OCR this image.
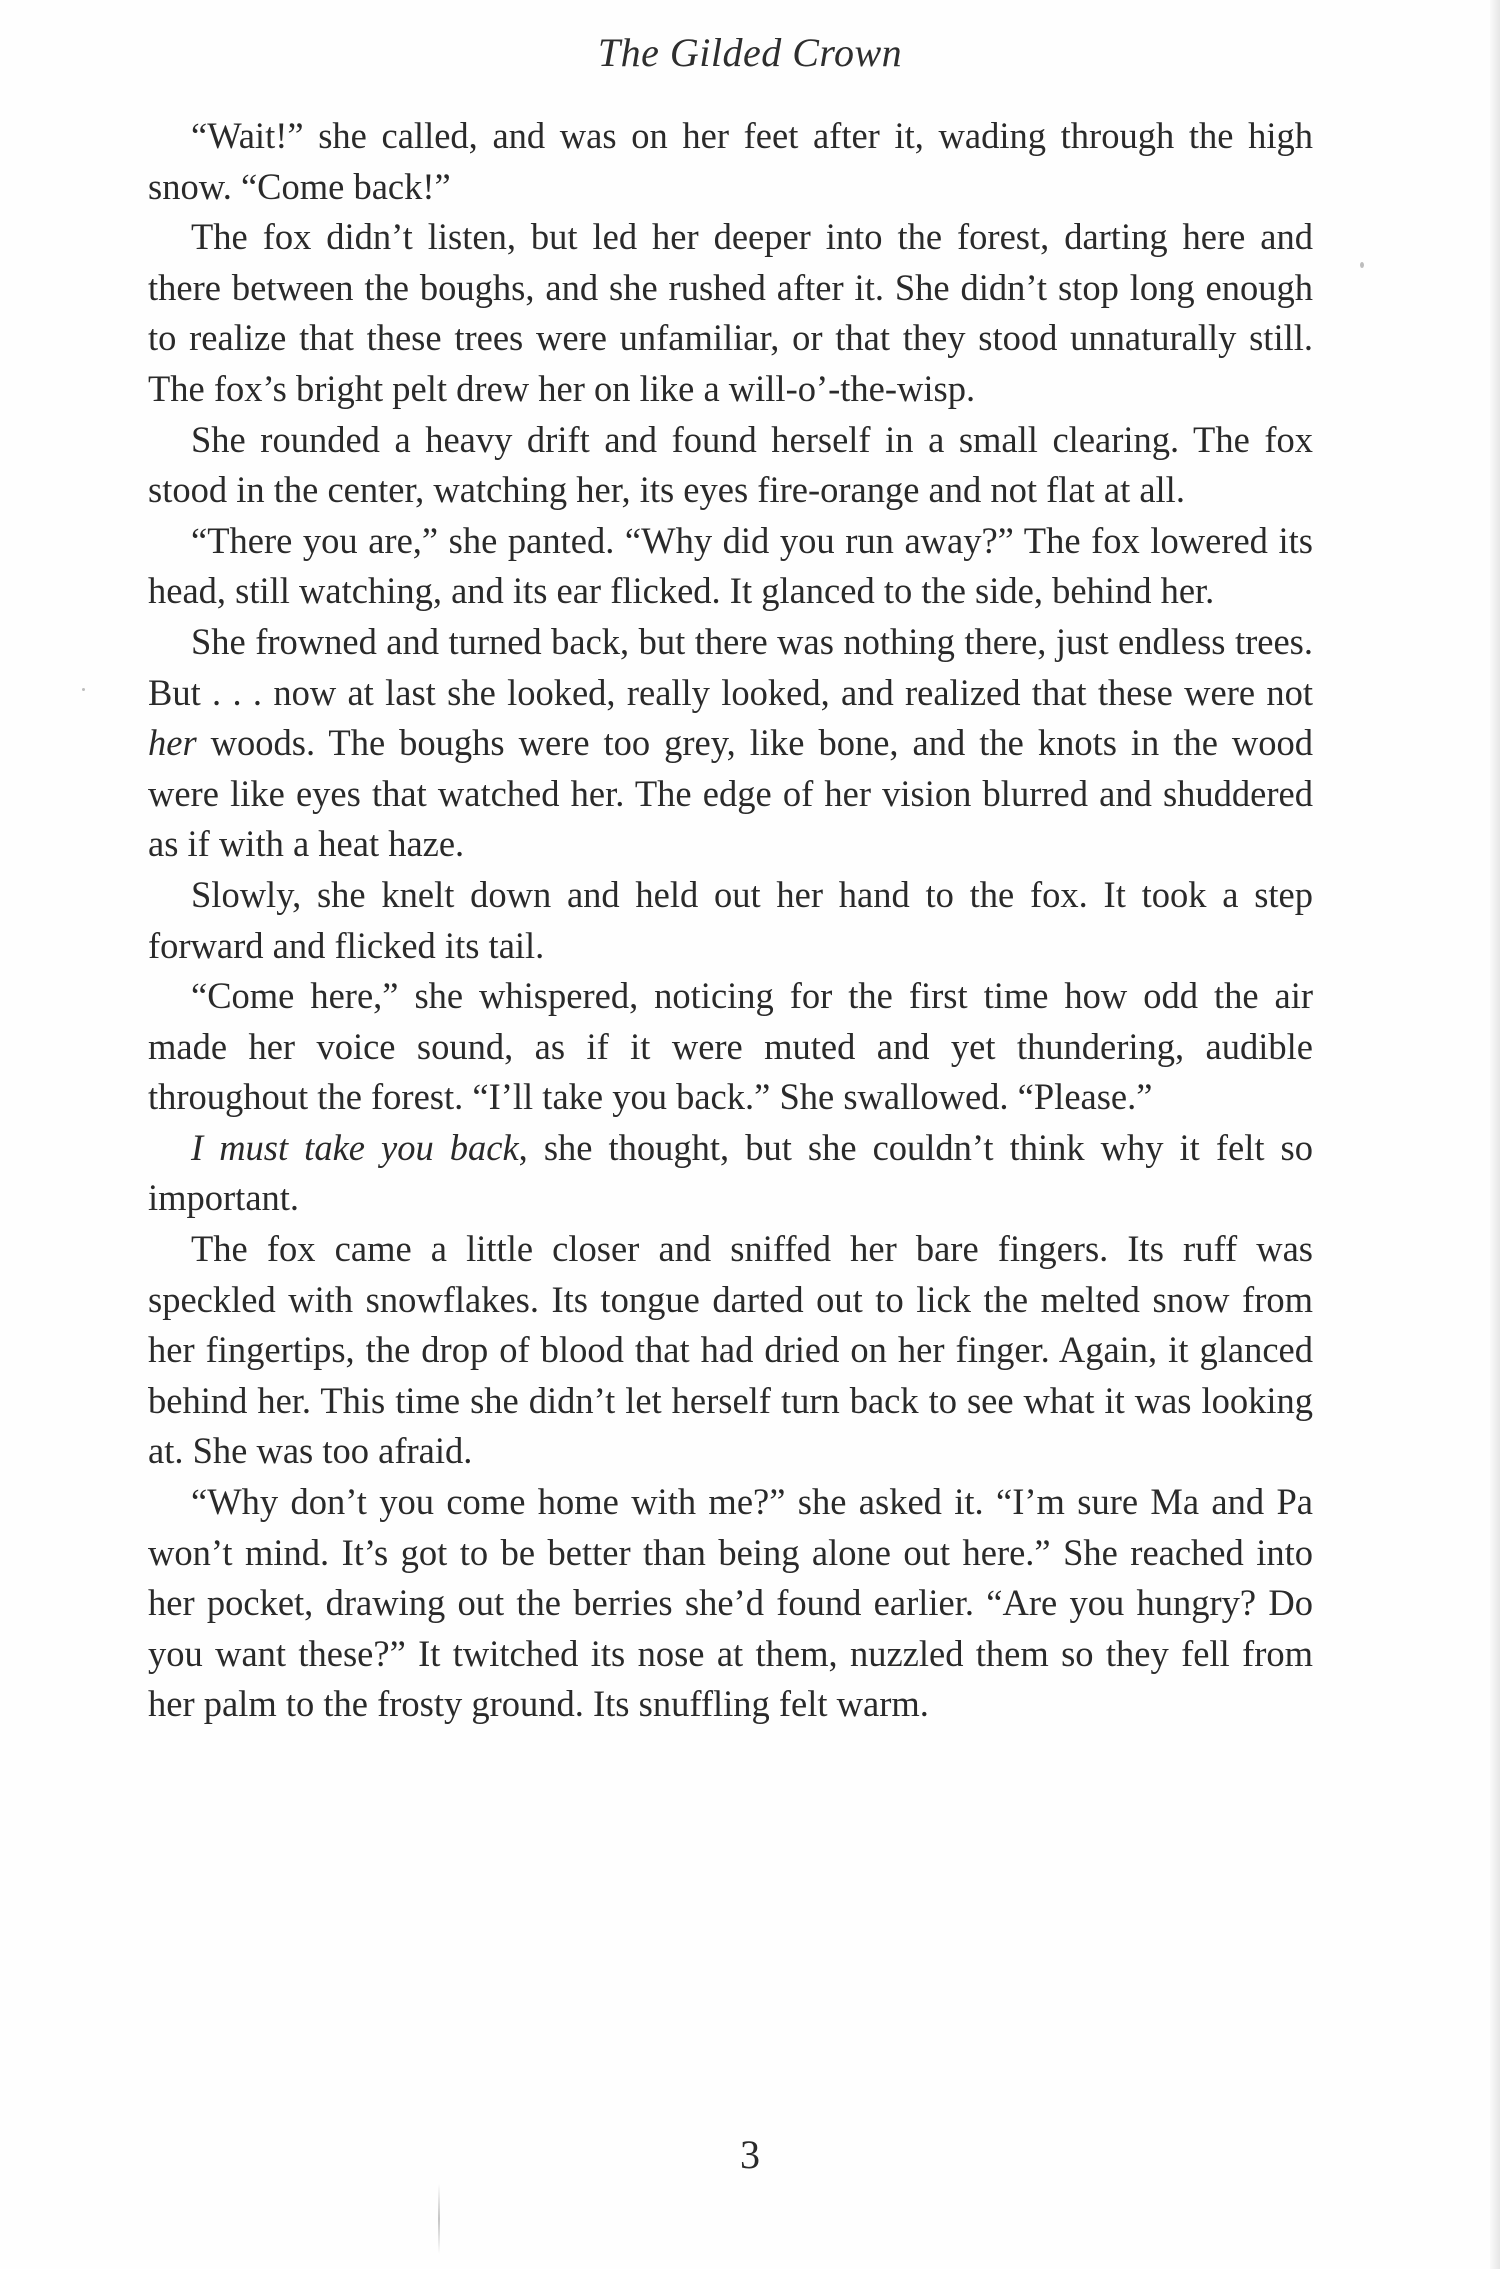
The Gilded Crown

“Wait!” she called, and was on her feet after it, wading through the high snow. “Come back!”

The fox didn’t listen, but led her deeper into the forest, darting here and there between the boughs, and she rushed after it. She didn’t stop long enough to realize that these trees were unfamiliar, or that they stood unnaturally still. The fox’s bright pelt drew her on like a will-o’-the-wisp.

She rounded a heavy drift and found herself in a small clearing. The fox stood in the center, watching her, its eyes fire-orange and not flat at all.

“There you are,” she panted. “Why did you run away?” The fox lowered its head, still watching, and its ear flicked. It glanced to the side, behind her.

She frowned and turned back, but there was nothing there, just endless trees. But . . . now at last she looked, really looked, and realized that these were not her woods. The boughs were too grey, like bone, and the knots in the wood were like eyes that watched her. The edge of her vision blurred and shuddered as if with a heat haze.

Slowly, she knelt down and held out her hand to the fox. It took a step forward and flicked its tail.

“Come here,” she whispered, noticing for the first time how odd the air made her voice sound, as if it were muted and yet thundering, audible throughout the forest. “I’ll take you back.” She swallowed. “Please.”

I must take you back, she thought, but she couldn’t think why it felt so important.

The fox came a little closer and sniffed her bare fingers. Its ruff was speckled with snowflakes. Its tongue darted out to lick the melted snow from her fingertips, the drop of blood that had dried on her finger. Again, it glanced behind her. This time she didn’t let herself turn back to see what it was looking at. She was too afraid.

“Why don’t you come home with me?” she asked it. “I’m sure Ma and Pa won’t mind. It’s got to be better than being alone out here.” She reached into her pocket, drawing out the berries she’d found earlier. “Are you hungry? Do you want these?” It twitched its nose at them, nuzzled them so they fell from her palm to the frosty ground. Its snuffling felt warm.

3
